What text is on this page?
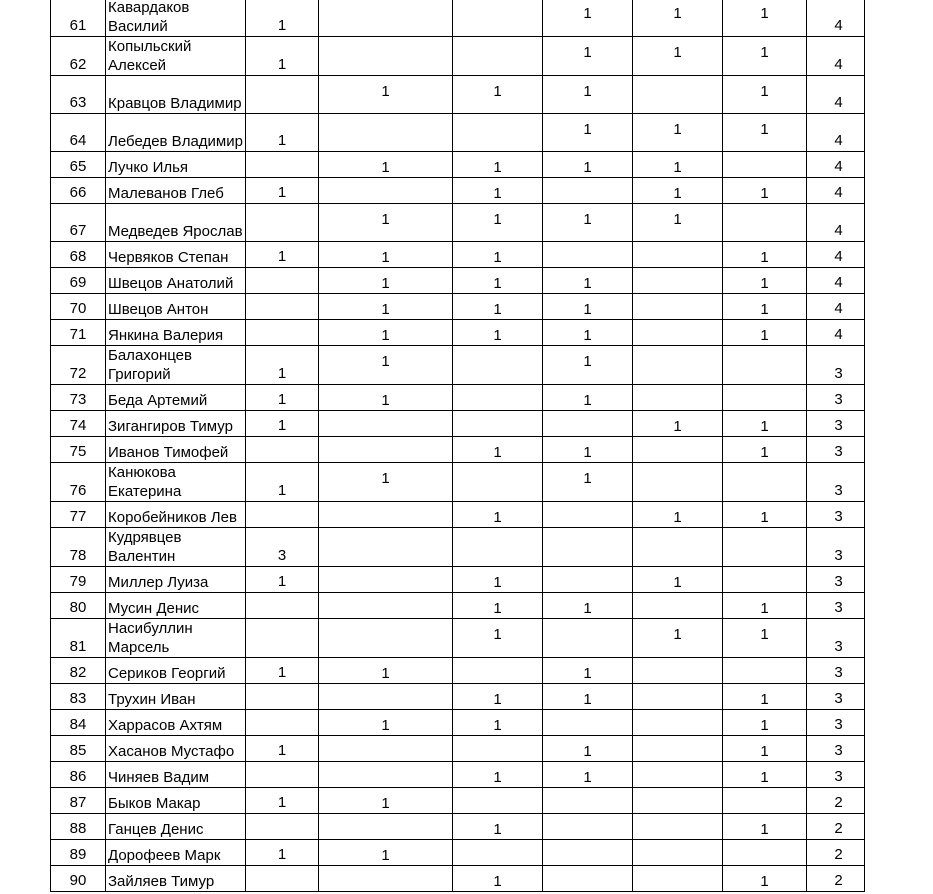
61	Кавардаков Василий	1			1	1	1	4
62	Копыльский Алексей	1			1	1	1	4
63	Кравцов Владимир		1	1	1		1	4
64	Лебедев Владимир	1			1	1	1	4
65	Лучко Илья		1	1	1	1		4
66	Малеванов Глеб	1		1		1	1	4
67	Медведев Ярослав		1	1	1	1		4
68	Червяков Степан	1	1	1			1	4
69	Швецов Анатолий		1	1	1		1	4
70	Швецов Антон		1	1	1		1	4
71	Янкина Валерия		1	1	1		1	4
72	Балахонцев Григорий	1	1		1			3
73	Беда Артемий	1	1		1			3
74	Зигангиров Тимур	1				1	1	3
75	Иванов Тимофей			1	1		1	3
76	Канюкова Екатерина	1	1		1			3
77	Коробейников Лев			1		1	1	3
78	Кудрявцев Валентин	3						3
79	Миллер Луиза	1		1		1		3
80	Мусин Денис			1	1		1	3
81	Насибуллин Марсель			1		1	1	3
82	Сериков Георгий	1	1		1			3
83	Трухин Иван			1	1		1	3
84	Харрасов Ахтям		1	1			1	3
85	Хасанов Мустафо	1			1		1	3
86	Чиняев Вадим			1	1		1	3
87	Быков Макар	1	1					2
88	Ганцев Денис			1			1	2
89	Дорофеев Марк	1	1					2
90	Зайляев Тимур			1			1	2
